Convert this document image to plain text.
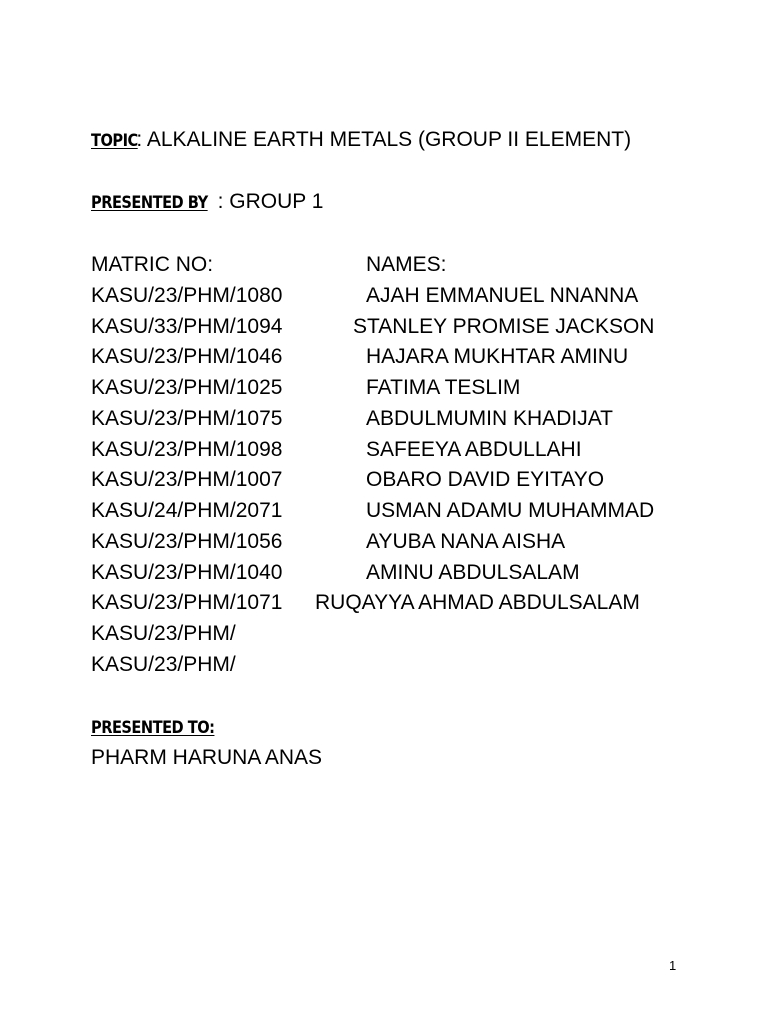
TOPIC: ALKALINE EARTH METALS (GROUP II ELEMENT)
PRESENTED BY : GROUP 1
MATRIC NO:	NAMES:
KASU/23/PHM/1080	AJAH EMMANUEL NNANNA
KASU/33/PHM/1094	STANLEY PROMISE JACKSON
KASU/23/PHM/1046	HAJARA MUKHTAR AMINU
KASU/23/PHM/1025	FATIMA TESLIM
KASU/23/PHM/1075	ABDULMUMIN KHADIJAT
KASU/23/PHM/1098	SAFEEYA ABDULLAHI
KASU/23/PHM/1007	OBARO DAVID EYITAYO
KASU/24/PHM/2071	USMAN ADAMU MUHAMMAD
KASU/23/PHM/1056	AYUBA NANA AISHA
KASU/23/PHM/1040	AMINU ABDULSALAM
KASU/23/PHM/1071 RUQAYYA AHMAD ABDULSALAM
KASU/23/PHM/
KASU/23/PHM/
PRESENTED TO:
PHARM HARUNA ANAS
1
